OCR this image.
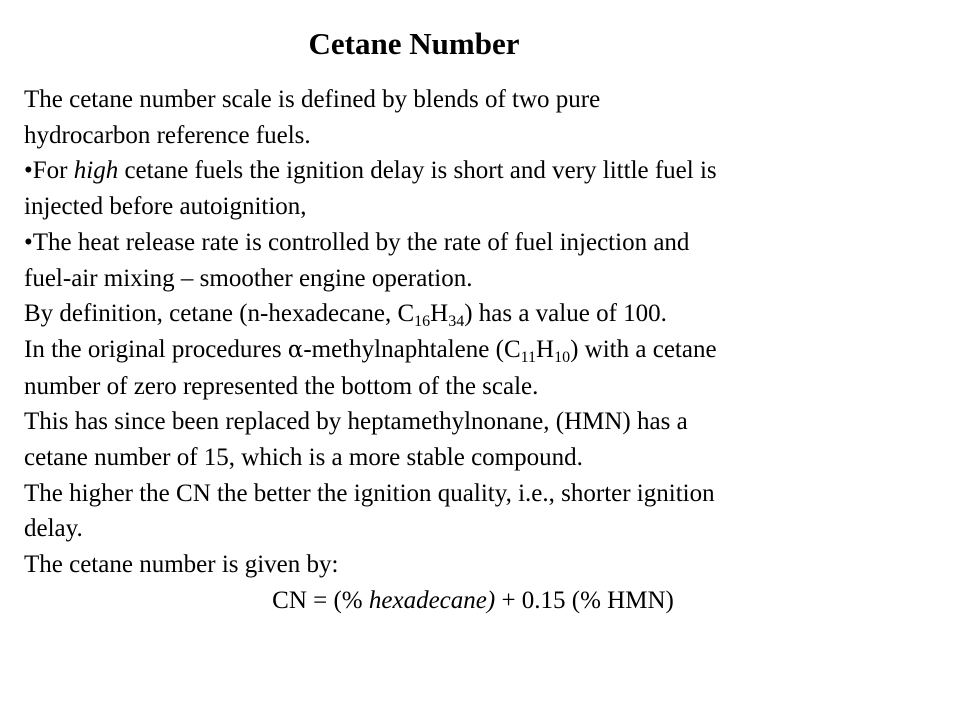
Cetane Number

The cetane number scale is defined by blends of two pure

hydrocarbon reference fuels.

•For high cetane fuels the ignition delay is short and very little fuel is

injected before autoignition,

•The heat release rate is controlled by the rate of fuel injection and

fuel-air mixing – smoother engine operation.

By definition, cetane (n-hexadecane, $C_{16}H_{34}$) has a value of 100.

In the original procedures α-methylnaphtalene $(C_{11}H_{10})$ with a cetane

number of zero represented the bottom of the scale.

This has since been replaced by heptamethylnonane, (HMN) has a

cetane number of 15, which is a more stable compound.

The higher the CN the better the ignition quality, i.e., shorter ignition

delay.

The cetane number is given by:

CN = (% hexadecane) + 0.15 (% HMN)
